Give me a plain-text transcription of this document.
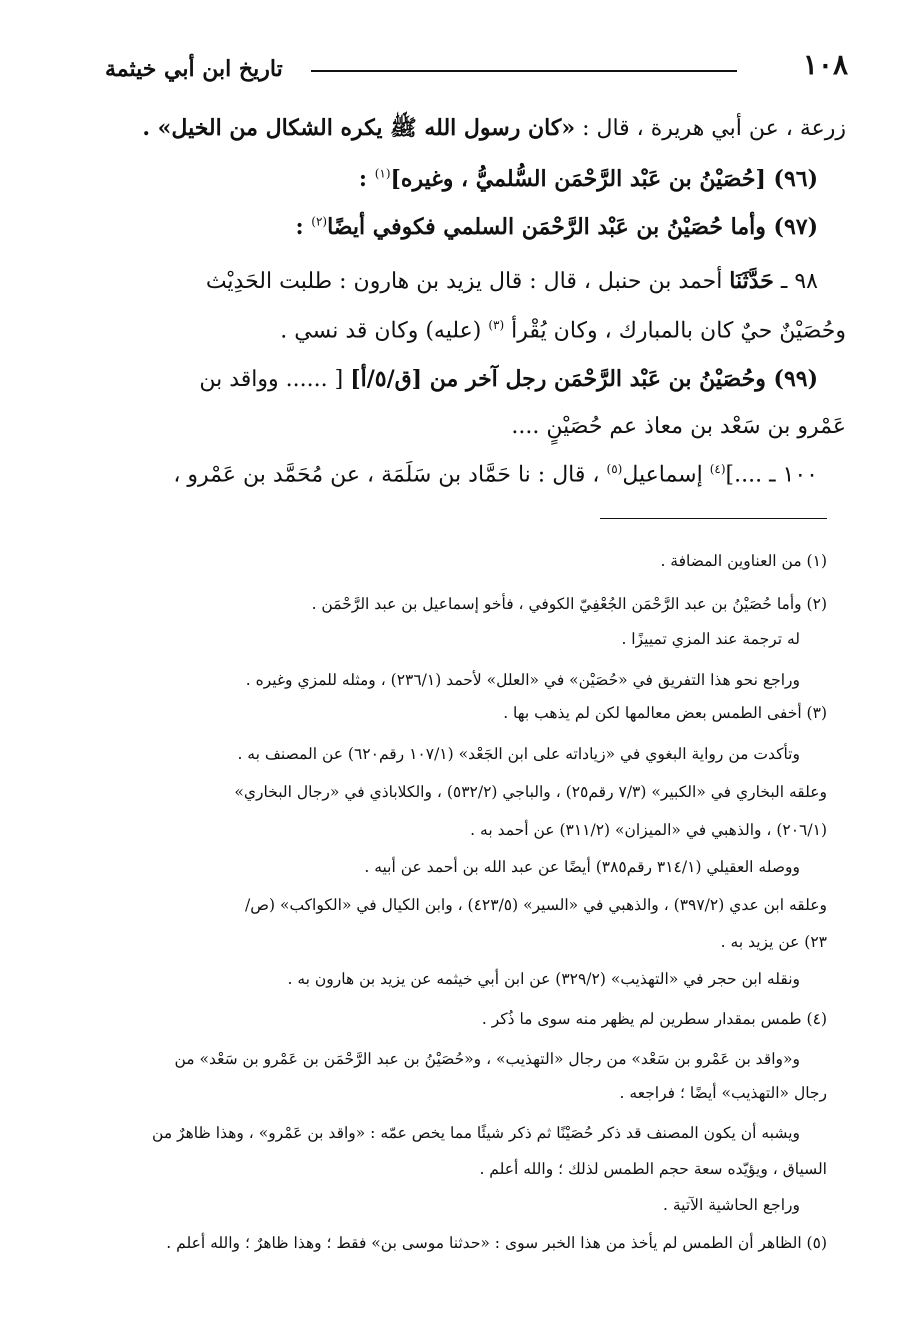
١٠٨
تاريخ ابن أبي خيثمة
زرعة ، عن أبي هريرة ، قال : «كان رسول الله ﷺ يكره الشكال من الخيل» .
(٩٦) [حُصَيْنُ بن عَبْد الرَّحْمَن السُّلميُّ ، وغيره]$^{(١)}$ :
(٩٧) وأما حُصَيْنُ بن عَبْد الرَّحْمَن السلمي فكوفي أيضًا$^{(٢)}$ :
٩٨ ـ حَدَّثَنَا أحمد بن حنبل ، قال : قال يزيد بن هارون : طلبت الحَدِيْث
وحُصَيْنٌ حيٌ كان بالمبارك ، وكان يُقْرأ $^{(٣)}$ (عليه) وكان قد نسي .
(٩٩) وحُصَيْنُ بن عَبْد الرَّحْمَن رجل آخر من [ق/٥/أ] [ ...... وواقد بن
عَمْرو بن سَعْد بن معاذ عم حُصَيْنٍ ....
١٠٠ ـ ....]$^{(٤)}$ إسماعيل$^{(٥)}$ ، قال : نا حَمَّاد بن سَلَمَة ، عن مُحَمَّد بن عَمْرو ،
(١) من العناوين المضافة .
(٢) وأما حُصَيْنُ بن عبد الرَّحْمَن الجُعْفِيّ الكوفي ، فأخو إسماعيل بن عبد الرَّحْمَن .
له ترجمة عند المزي تمييزًا .
وراجع نحو هذا التفريق في «حُصَيْن» في «العلل» لأحمد (٢٣٦/١) ، ومثله للمزي وغيره .
(٣) أخفى الطمس بعض معالمها لكن لم يذهب بها .
وتأكدت من رواية البغوي في «زياداته على ابن الجَعْد» (١٠٧/١ رقم٦٢٠) عن المصنف به .
وعلقه البخاري في «الكبير» (٧/٣ رقم٢٥) ، والباجي (٥٣٢/٢) ، والكلاباذي في «رجال البخاري»
(٢٠٦/١) ، والذهبي في «الميزان» (٣١١/٢) عن أحمد به .
ووصله العقيلي (٣١٤/١ رقم٣٨٥) أيضًا عن عبد الله بن أحمد عن أبيه .
وعلقه ابن عدي (٣٩٧/٢) ، والذهبي في «السير» (٤٢٣/٥) ، وابن الكيال في «الكواكب» (ص/
٢٣) عن يزيد به .
ونقله ابن حجر في «التهذيب» (٣٢٩/٢) عن ابن أبي خيثمه عن يزيد بن هارون به .
(٤) طمس بمقدار سطرين لم يظهر منه سوى ما ذُكر .
و«واقد بن عَمْرو بن سَعْد» من رجال «التهذيب» ، و«حُصَيْنُ بن عبد الرَّحْمَن بن عَمْرو بن سَعْد» من
رجال «التهذيب» أيضًا ؛ فراجعه .
ويشبه أن يكون المصنف قد ذكر حُصَيْنًا ثم ذكر شيئًا مما يخص عمّه : «واقد بن عَمْرو» ، وهذا ظاهرٌ من
السياق ، ويؤيّده سعة حجم الطمس لذلك ؛ والله أعلم .
وراجع الحاشية الآتية .
(٥) الظاهر أن الطمس لم يأخذ من هذا الخبر سوى : «حدثنا موسى بن» فقط ؛ وهذا ظاهرٌ ؛ والله أعلم .
